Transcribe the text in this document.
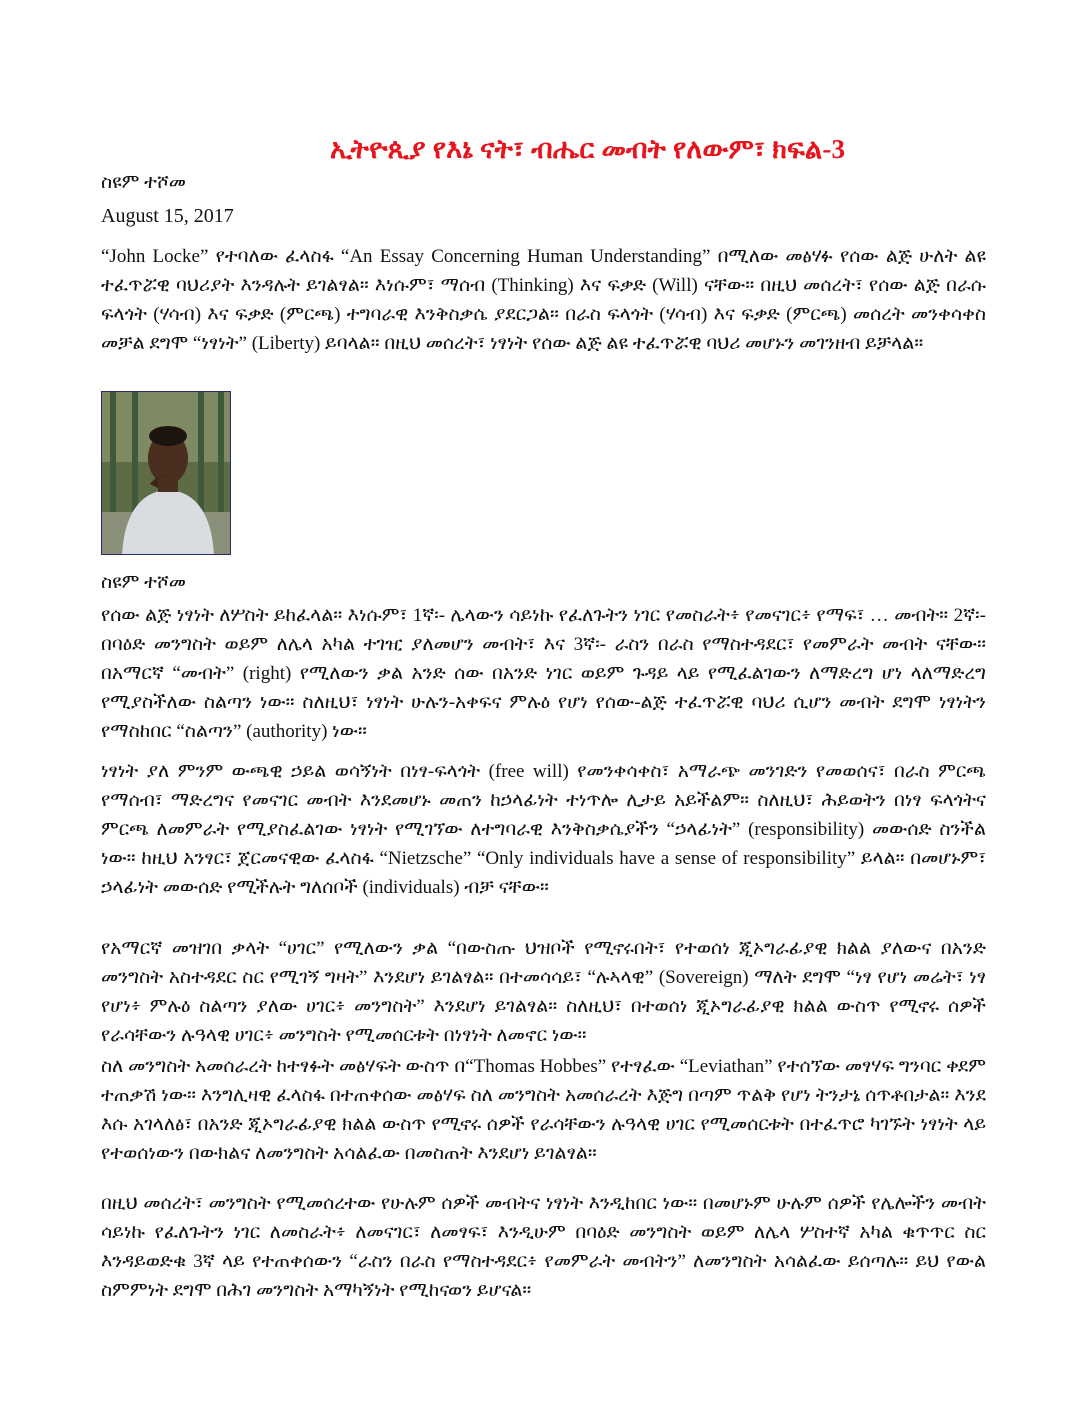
ኢትዮጲያ የእኔ ናት፣ ብሔር መብት የለውም፣ ክፍል-3
ስዩም ተሾመ
August 15, 2017

“John Locke” የተባለው ፈላስፋ “An Essay Concerning Human Understanding” በሚለው መፅሃፉ የሰው ልጅ ሁለት ልዩ ተፈጥሯዊ ባህሪያት እንዳሉት ይገልፃል። እነሱም፣ ማሰብ (Thinking) እና ፍቃድ (Will) ናቸው። በዚህ መሰረት፣ የሰው ልጅ በራሱ ፍላጎት (ሃሳብ) እና ፍቃድ (ምርጫ) ተግባራዊ እንቅስቃሴ ያደርጋል። በራስ ፍላጎት (ሃሳብ) እና ፍቃድ (ምርጫ) መሰረት መንቀሳቀስ መቻል ደግሞ “ነፃነት” (Liberty) ይባላል። በዚህ መሰረት፣ ነፃነት የሰው ልጅ ልዩ ተፈጥሯዊ ባህሪ መሆኑን መገንዘብ ይቻላል።

ስዩም ተሾመ

የሰው ልጅ ነፃነት ለሦስት ይከፈላል። እነሱም፣ 1ኛ፡- ሌላውን ሳይነኩ የፈለጉትን ነገር የመስራት፥ የመናገር፥ የማፍ፣ … መብት። 2ኛ፡- በባዕድ መንግስት ወይም ለሌላ አካል ተገዢ ያለመሆን መብት፣ እና 3ኛ፡- ራስን በራስ የማስተዳደር፣ የመምራት መብት ናቸው። በአማርኛ “መብት” (right) የሚለውን ቃል አንድ ሰው በአንድ ነገር ወይም ጉዳይ ላይ የሚፈልገውን ለማድረግ ሆነ ላለማድረግ የሚያስችለው ስልጣን ነው። ስለዚህ፣ ነፃነት ሁሉን-አቀፍና ምሉዕ የሆነ የሰው-ልጅ ተፈጥሯዊ ባህሪ ሲሆን መብት ደግሞ ነፃነትን የማስከበር “ስልጣን” (authority) ነው።

ነፃነት ያለ ምንም ውጫዊ ኃይል ወሳኝነት በነፃ-ፍላጎት (free will) የመንቀሳቀስ፣ አማራጭ መንገድን የመወሰና፣ በራስ ምርጫ የማሰብ፣ ማድረግና የመናገር መብት እንደመሆኑ መጠን ከኃላፊነት ተነጥሎ ሊታይ አይችልም። ስለዚህ፣ ሕይወትን በነፃ ፍላጎትና ምርጫ ለመምራት የሚያስፈልገው ነፃነት የሚገኘው ለተግባራዊ እንቅስቃሴያችን “ኃላፊነት” (responsibility) መውሰድ ስንችል ነው። ከዚህ አንፃር፣ ጀርመናዊው ፈላስፋ “Nietzsche” “Only individuals have a sense of responsibility” ይላል። በመሆኑም፣ ኃላፊነት መውሰድ የሚችሉት ግለሰቦች (individuals) ብቻ ናቸው።

የአማርኛ መዝገበ ቃላት “ሀገር” የሚለውን ቃል “በውስጡ ህዝቦች የሚኖሩበት፣ የተወሰነ ጂኦግራፊያዊ ክልል ያለውና በአንድ መንግስት አስተዳደር ስር የሚገኝ ግዛት” እንደሆነ ይገልፃል። በተመሳሳይ፣ “ሉኣላዊ” (Sovereign) ማለት ደግሞ “ነፃ የሆነ መሬት፣ ነፃ የሆነ፥ ምሉዕ ስልጣን ያለው ሀገር፥ መንግስት” እንደሆነ ይገልፃል። ስለዚህ፣ በተወሰነ ጂኦግራፊያዊ ክልል ውስጥ የሚኖሩ ሰዎች የራሳቸውን ሉዓላዊ ሀገር፥ መንግስት የሚመሰርቱት በነፃነት ለመኖር ነው።

ስለ መንግስት አመሰራረት ከተፃፉት መፅሃፍት ውስጥ በ“Thomas Hobbes” የተፃፈው “Leviathan” የተሰኘው መፃሃፍ ግንባር ቀደም ተጠቃሽ ነው። እንግሊዛዊ ፈላስፋ በተጠቀሰው መፅሃፍ ስለ መንግስት አመሰራረት እጅግ በጣም ጥልቅ የሆነ ትንታኔ ሰጥቶበታል። እንደ እሱ አገላለፅ፣ በአንድ ጂኦግራፊያዊ ክልል ውስጥ የሚኖሩ ሰዎች የራሳቸውን ሉዓላዊ ሀገር የሚመሰርቱት በተፈጥሮ ካገኙት ነፃነት ላይ የተወሰነውን በውክልና ለመንግስት አሳልፈው በመስጠት እንደሆነ ይገልፃል።

በዚህ መሰረት፣ መንግስት የሚመሰረተው የሁሉም ሰዎች መብትና ነፃነት እንዲከበር ነው። በመሆኑም ሁሉም ሰዎች የሌሎችን መብት ሳይነኩ የፈለጉትን ነገር ለመስራት፥ ለመናገር፣ ለመፃፍ፣ እንዲሁም በባዕድ መንግስት ወይም ለሌላ ሦስተኛ አካል ቁጥጥር ስር እንዳይወድቁ 3ኛ ላይ የተጠቀሰውን “ራስን በራስ የማስተዳደር፥ የመምራት መብትን” ለመንግስት አሳልፈው ይሰጣሉ። ይህ የውል ስምምነት ደግሞ በሕገ መንግስት አማካኝነት የሚከናወን ይሆናል።
